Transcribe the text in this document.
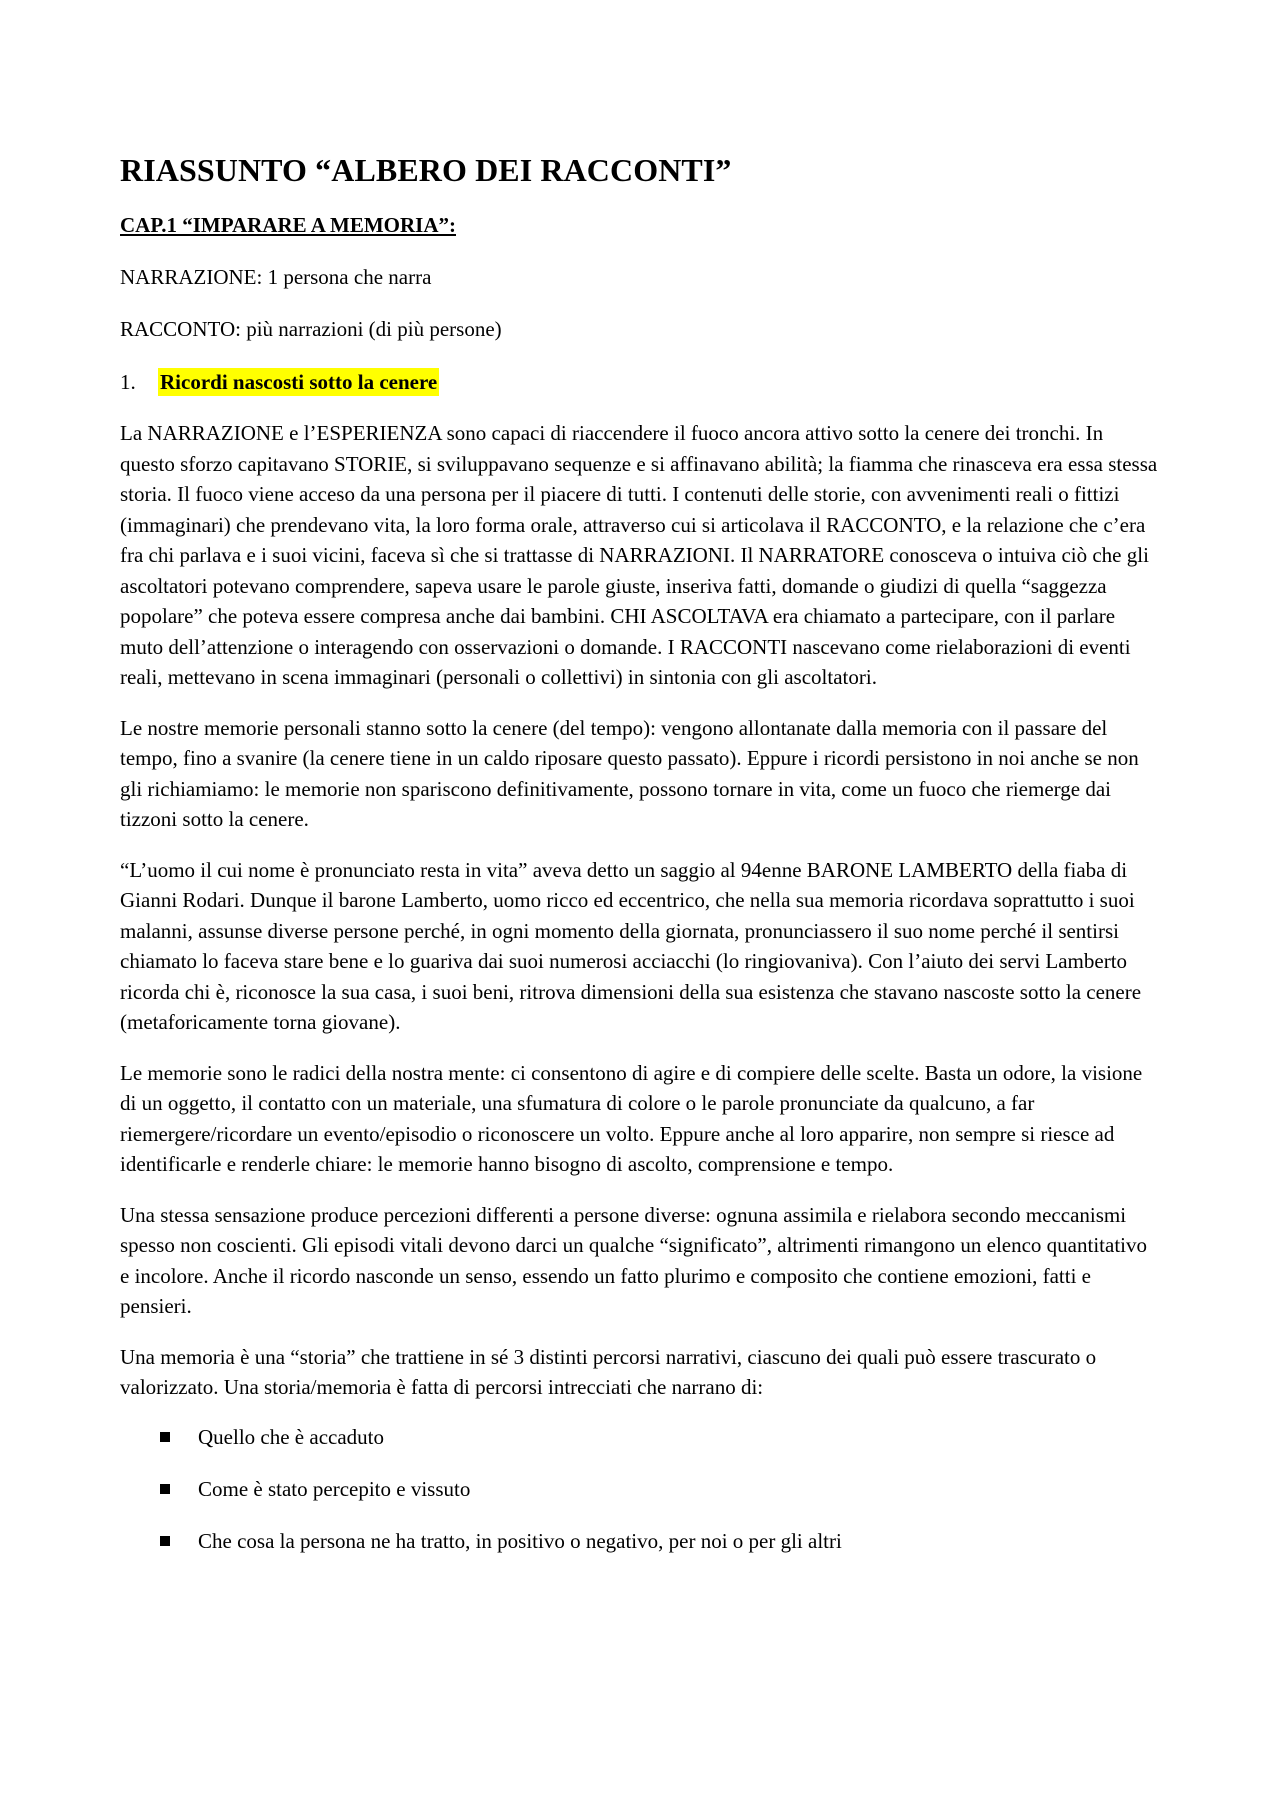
RIASSUNTO “ALBERO DEI RACCONTI”
CAP.1 “IMPARARE A MEMORIA”:

NARRAZIONE: 1 persona che narra

RACCONTO: più narrazioni (di più persone)

1.	Ricordi nascosti sotto la cenere

La NARRAZIONE e l’ESPERIENZA sono capaci di riaccendere il fuoco ancora attivo sotto la cenere dei tronchi. In questo sforzo capitavano STORIE, si sviluppavano sequenze e si affinavano abilità; la fiamma che rinasceva era essa stessa storia. Il fuoco viene acceso da una persona per il piacere di tutti. I contenuti delle storie, con avvenimenti reali o fittizi (immaginari) che prendevano vita, la loro forma orale, attraverso cui si articolava il RACCONTO, e la relazione che c’era fra chi parlava e i suoi vicini, faceva sì che si trattasse di NARRAZIONI. Il NARRATORE conosceva o intuiva ciò che gli ascoltatori potevano comprendere, sapeva usare le parole giuste, inseriva fatti, domande o giudizi di quella “saggezza popolare” che poteva essere compresa anche dai bambini. CHI ASCOLTAVA era chiamato a partecipare, con il parlare muto dell’attenzione o interagendo con osservazioni o domande. I RACCONTI nascevano come rielaborazioni di eventi reali, mettevano in scena immaginari (personali o collettivi) in sintonia con gli ascoltatori.

Le nostre memorie personali stanno sotto la cenere (del tempo): vengono allontanate dalla memoria con il passare del tempo, fino a svanire (la cenere tiene in un caldo riposare questo passato). Eppure i ricordi persistono in noi anche se non gli richiamiamo: le memorie non spariscono definitivamente, possono tornare in vita, come un fuoco che riemerge dai tizzoni sotto la cenere.

“L’uomo il cui nome è pronunciato resta in vita” aveva detto un saggio al 94enne BARONE LAMBERTO della fiaba di Gianni Rodari. Dunque il barone Lamberto, uomo ricco ed eccentrico, che nella sua memoria ricordava soprattutto i suoi malanni, assunse diverse persone perché, in ogni momento della giornata, pronunciassero il suo nome perché il sentirsi chiamato lo faceva stare bene e lo guariva dai suoi numerosi acciacchi (lo ringiovaniva). Con l’aiuto dei servi Lamberto ricorda chi è, riconosce la sua casa, i suoi beni, ritrova dimensioni della sua esistenza che stavano nascoste sotto la cenere (metaforicamente torna giovane).

Le memorie sono le radici della nostra mente: ci consentono di agire e di compiere delle scelte. Basta un odore, la visione di un oggetto, il contatto con un materiale, una sfumatura di colore o le parole pronunciate da qualcuno, a far riemergere/ricordare un evento/episodio o riconoscere un volto. Eppure anche al loro apparire, non sempre si riesce ad identificarle e renderle chiare: le memorie hanno bisogno di ascolto, comprensione e tempo.

Una stessa sensazione produce percezioni differenti a persone diverse: ognuna assimila e rielabora secondo meccanismi spesso non coscienti. Gli episodi vitali devono darci un qualche “significato”, altrimenti rimangono un elenco quantitativo e incolore. Anche il ricordo nasconde un senso, essendo un fatto plurimo e composito che contiene emozioni, fatti e pensieri.

Una memoria è una “storia” che trattiene in sé 3 distinti percorsi narrativi, ciascuno dei quali può essere trascurato o valorizzato. Una storia/memoria è fatta di percorsi intrecciati che narrano di:

Quello che è accaduto
Come è stato percepito e vissuto
Che cosa la persona ne ha tratto, in positivo o negativo, per noi o per gli altri
